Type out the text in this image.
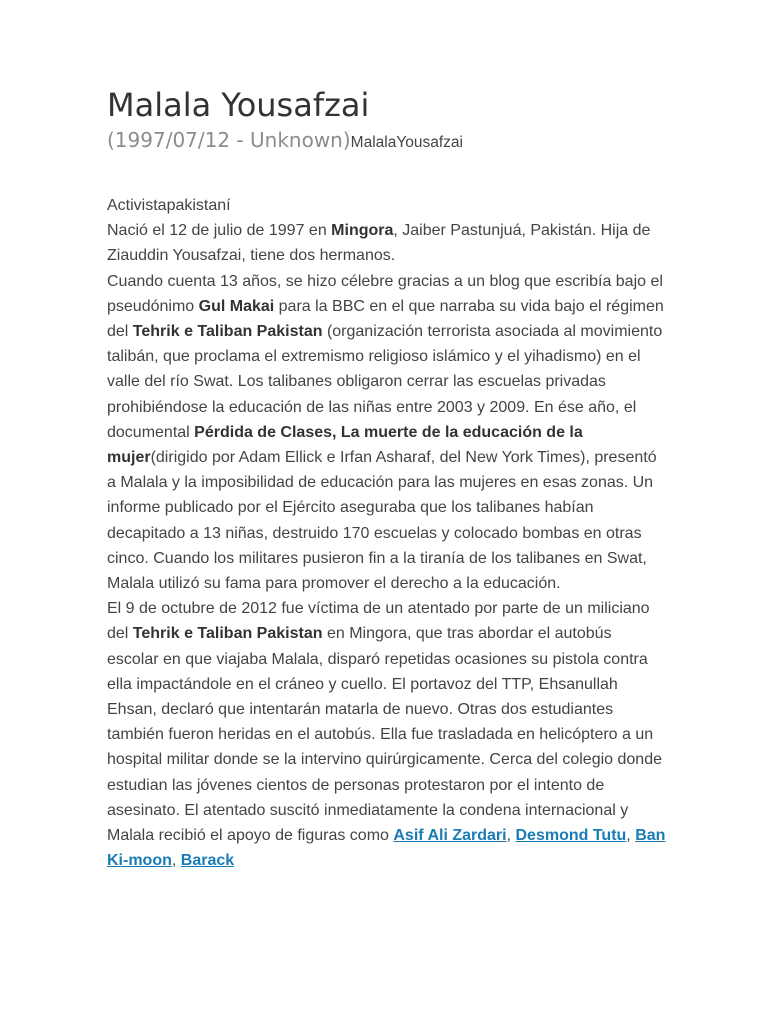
Malala Yousafzai
(1997/07/12 - Unknown)MalalaYousafzai
Activistapakistaní

Nació el 12 de julio de 1997 en Mingora, Jaiber Pastunjuá, Pakistán. Hija de Ziauddin Yousafzai, tiene dos hermanos.

Cuando cuenta 13 años, se hizo célebre gracias a un blog que escribía bajo el pseudónimo Gul Makai para la BBC en el que narraba su vida bajo el régimen del Tehrik e Taliban Pakistan (organización terrorista asociada al movimiento talibán, que proclama el extremismo religioso islámico y el yihadismo) en el valle del río Swat. Los talibanes obligaron cerrar las escuelas privadas prohibiéndose la educación de las niñas entre 2003 y 2009. En ése año, el documental Pérdida de Clases, La muerte de la educación de la mujer(dirigido por Adam Ellick e Irfan Asharaf, del New York Times), presentó a Malala y la imposibilidad de educación para las mujeres en esas zonas. Un informe publicado por el Ejército aseguraba que los talibanes habían decapitado a 13 niñas, destruido 170 escuelas y colocado bombas en otras cinco. Cuando los militares pusieron fin a la tiranía de los talibanes en Swat, Malala utilizó su fama para promover el derecho a la educación.

El 9 de octubre de 2012 fue víctima de un atentado por parte de un miliciano del Tehrik e Taliban Pakistan en Mingora, que tras abordar el autobús escolar en que viajaba Malala, disparó repetidas ocasiones su pistola contra ella impactándole en el cráneo y cuello. El portavoz del TTP, Ehsanullah Ehsan, declaró que intentarán matarla de nuevo. Otras dos estudiantes también fueron heridas en el autobús. Ella fue trasladada en helicóptero a un hospital militar donde se la intervino quirúrgicamente. Cerca del colegio donde estudian las jóvenes cientos de personas protestaron por el intento de asesinato. El atentado suscitó inmediatamente la condena internacional y Malala recibió el apoyo de figuras como Asif Ali Zardari, Desmond Tutu, Ban Ki-moon, Barack
